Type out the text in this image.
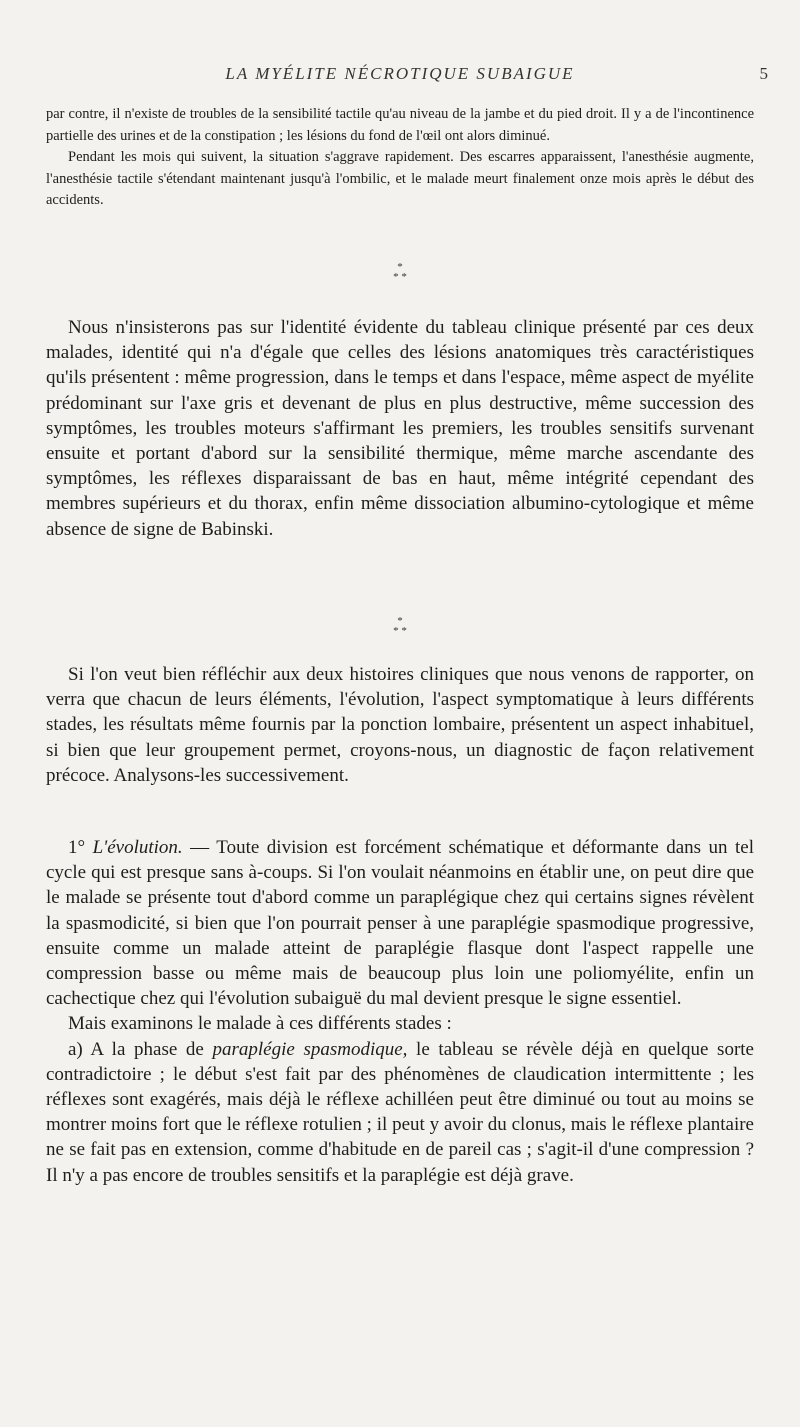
LA MYÉLITE NÉCROTIQUE SUBAIGUE	5

par contre, il n'existe de troubles de la sensibilité tactile qu'au niveau de la jambe et du pied droit. Il y a de l'incontinence partielle des urines et de la constipation ; les lésions du fond de l'œil ont alors diminué.

Pendant les mois qui suivent, la situation s'aggrave rapidement. Des escarres apparaissent, l'anesthésie augmente, l'anesthésie tactile s'étendant maintenant jusqu'à l'ombilic, et le malade meurt finalement onze mois après le début des accidents.

*
* *

Nous n'insisterons pas sur l'identité évidente du tableau clinique présenté par ces deux malades, identité qui n'a d'égale que celles des lésions anatomiques très caractéristiques qu'ils présentent : même progression, dans le temps et dans l'espace, même aspect de myélite prédominant sur l'axe gris et devenant de plus en plus destructive, même succession des symptômes, les troubles moteurs s'affirmant les premiers, les troubles sensitifs survenant ensuite et portant d'abord sur la sensibilité thermique, même marche ascendante des symptômes, les réflexes disparaissant de bas en haut, même intégrité cependant des membres supérieurs et du thorax, enfin même dissociation albumino-cytologique et même absence de signe de Babinski.

*
* *

Si l'on veut bien réfléchir aux deux histoires cliniques que nous venons de rapporter, on verra que chacun de leurs éléments, l'évolution, l'aspect symptomatique à leurs différents stades, les résultats même fournis par la ponction lombaire, présentent un aspect inhabituel, si bien que leur groupement permet, croyons-nous, un diagnostic de façon relativement précoce. Analysons-les successivement.

1° L'évolution. — Toute division est forcément schématique et déformante dans un tel cycle qui est presque sans à-coups. Si l'on voulait néanmoins en établir une, on peut dire que le malade se présente tout d'abord comme un paraplégique chez qui certains signes révèlent la spasmodicité, si bien que l'on pourrait penser à une paraplégie spasmodique progressive, ensuite comme un malade atteint de paraplégie flasque dont l'aspect rappelle une compression basse ou même mais de beaucoup plus loin une poliomyélite, enfin un cachectique chez qui l'évolution subaiguë du mal devient presque le signe essentiel.

Mais examinons le malade à ces différents stades :

a) A la phase de paraplégie spasmodique, le tableau se révèle déjà en quelque sorte contradictoire ; le début s'est fait par des phénomènes de claudication intermittente ; les réflexes sont exagérés, mais déjà le réflexe achilléen peut être diminué ou tout au moins se montrer moins fort que le réflexe rotulien ; il peut y avoir du clonus, mais le réflexe plantaire ne se fait pas en extension, comme d'habitude en de pareil cas ; s'agit-il d'une compression ? Il n'y a pas encore de troubles sensitifs et la paraplégie est déjà grave.
